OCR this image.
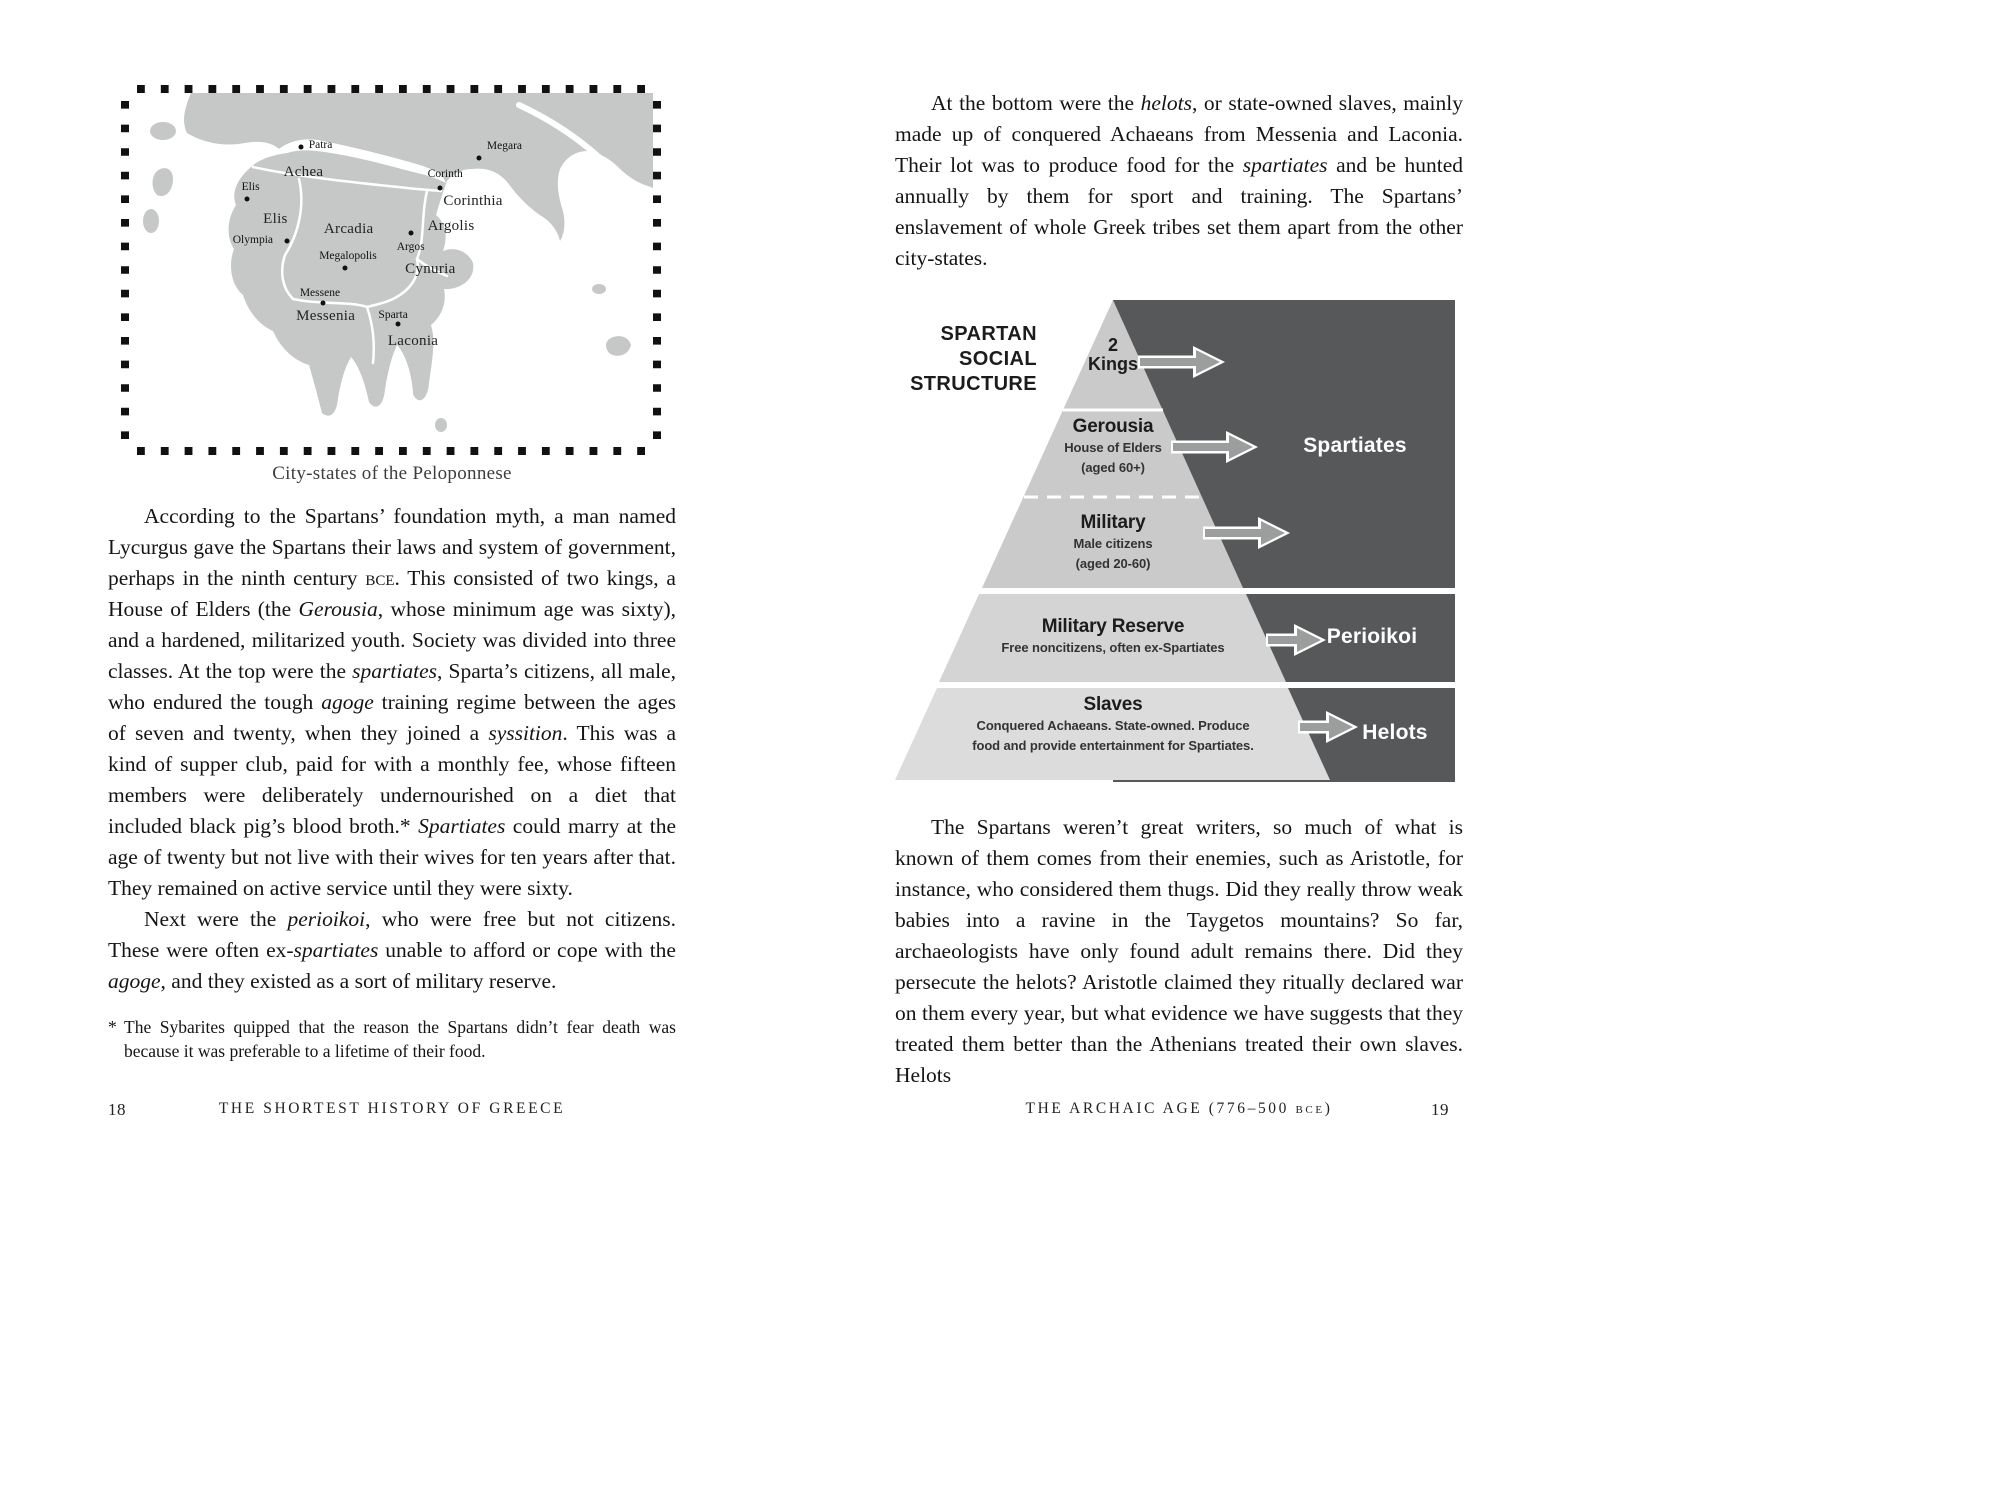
Achea
Corinthia
Elis
Arcadia	Argolis
Cynuria
Messenia
Laconia
Patra	Megara
Corinth
Elis
Olympia
Argos
Megalopolis
Messene
Sparta
City-states of the Peloponnese

According to the Spartans’ foundation myth, a man named Lycurgus gave the Spartans their laws and system of government, perhaps in the ninth century bce. This consisted of two kings, a House of Elders (the Gerousia, whose minimum age was sixty), and a hardened, militarized youth. Society was divided into three classes. At the top were the spartiates, Sparta’s citizens, all male, who endured the tough agoge training regime between the ages of seven and twenty, when they joined a syssition. This was a kind of supper club, paid for with a monthly fee, whose fifteen members were deliberately undernourished on a diet that included black pig’s blood broth.* Spartiates could marry at the age of twenty but not live with their wives for ten years after that. They remained on active service until they were sixty.

Next were the perioikoi, who were free but not citizens. These were often ex-spartiates unable to afford or cope with the agoge, and they existed as a sort of military reserve.

* The Sybarites quipped that the reason the Spartans didn’t fear death was because it was preferable to a lifetime of their food.

At the bottom were the helots, or state-owned slaves, mainly made up of conquered Achaeans from Messenia and Laconia. Their lot was to produce food for the spartiates and be hunted annually by them for sport and training. The Spartans’ enslavement of whole Greek tribes set them apart from the other city-states.

SPARTAN SOCIAL STRUCTURE
2
Kings
Gerousia
House of Elders
(aged 60+)
Military
Male citizens
(aged 20-60)
Military Reserve
Free noncitizens, often ex-Spartiates
Slaves
Conquered Achaeans. State-owned. Produce food and provide entertainment for Spartiates.
Spartiates
Perioikoi
Helots

The Spartans weren’t great writers, so much of what is known of them comes from their enemies, such as Aristotle, for instance, who considered them thugs. Did they really throw weak babies into a ravine in the Taygetos mountains? So far, archaeologists have only found adult remains there. Did they persecute the helots? Aristotle claimed they ritually declared war on them every year, but what evidence we have suggests that they treated them better than the Athenians treated their own slaves. Helots

18	THE SHORTEST HISTORY OF GREECE	THE ARCHAIC AGE (776–500 bce)	19
